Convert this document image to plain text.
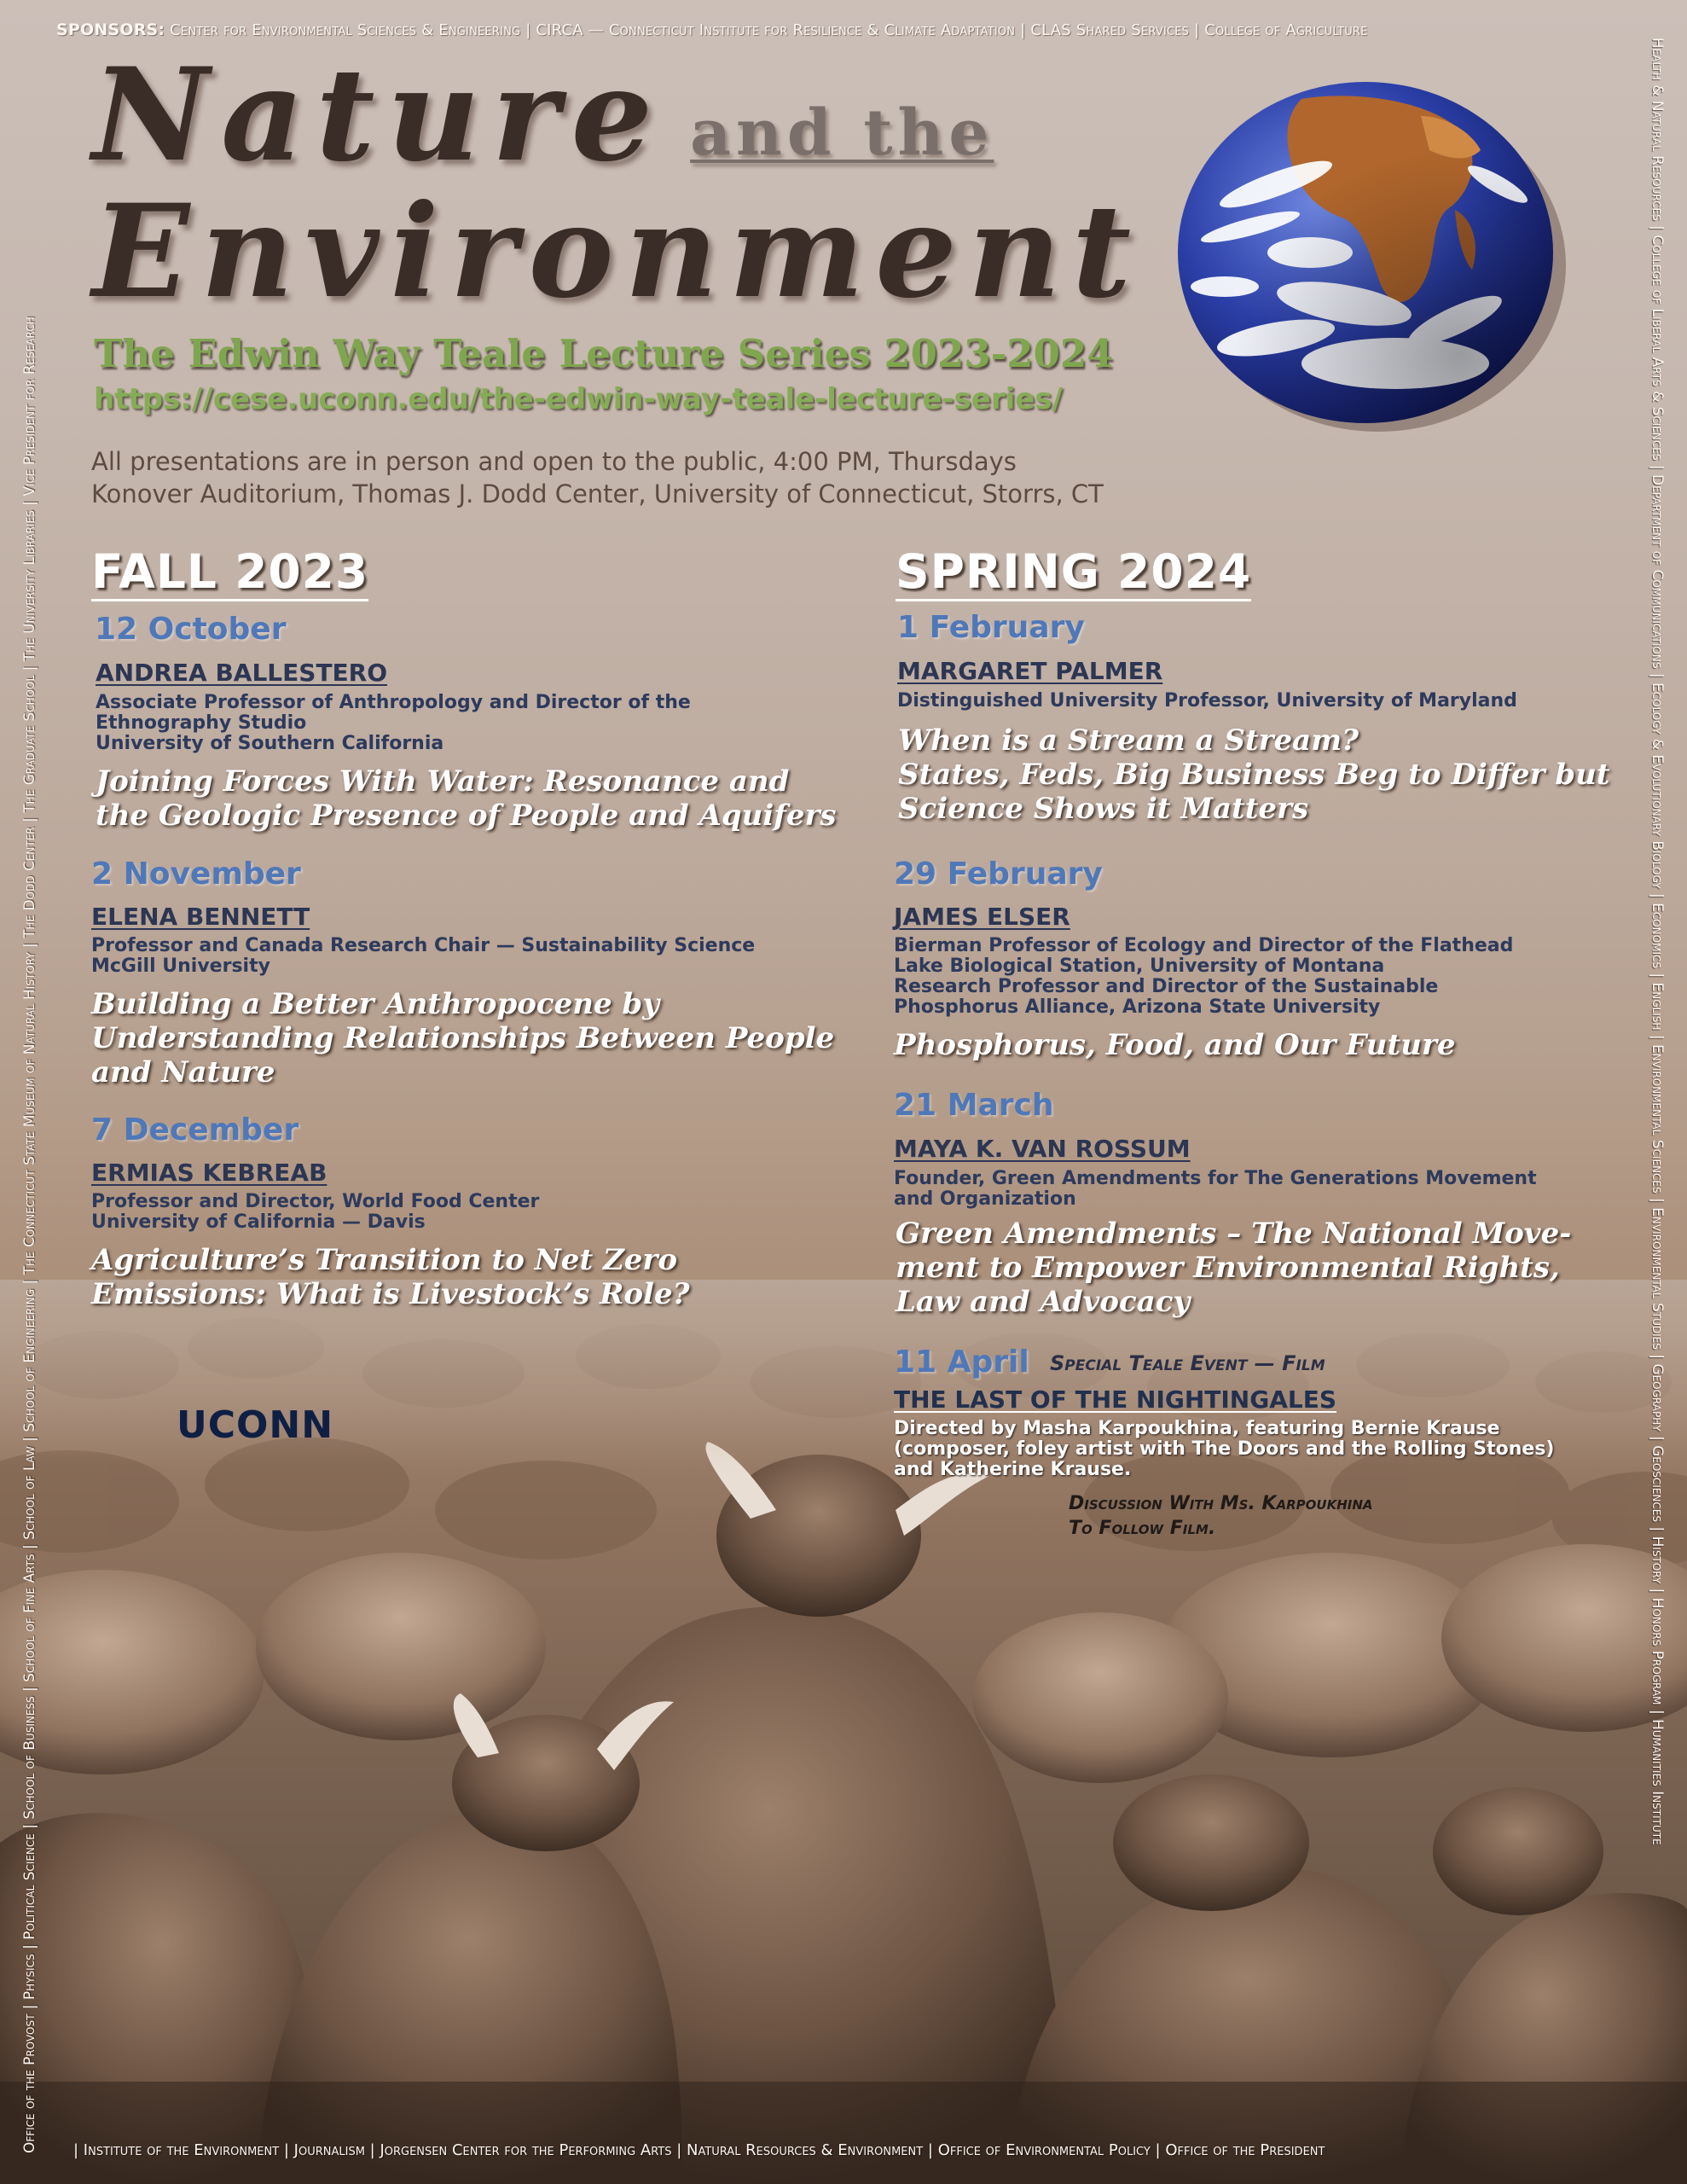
SPONSORS: Center for Environmental Sciences & Engineering | CIRCA — Connecticut Institute for Resilience & Climate Adaptation | CLAS Shared Services | College of Agriculture
Health & Natural Resources | College of Liberal Arts & Sciences | Department of Communications | Ecology & Evolutionary Biology | Economics | English | Environmental Sciences | Environmental Studies | Geography | Geosciences | History | Honors Program | Humanities Institute
| Institute of the Environment | Journalism | Jorgensen Center for the Performing Arts | Natural Resources & Environment | Office of Environmental Policy | Office of the President
Office of the Provost | Physics | Political Science | School of Business | School of Fine Arts | School of Law | School of Engineering | The Connecticut State Museum of Natural History | The Dodd Center | The Graduate School | The University Libraries | Vice President for Research
Nature and the
Environment
The Edwin Way Teale Lecture Series 2023-2024
https://cese.uconn.edu/the-edwin-way-teale-lecture-series/
All presentations are in person and open to the public, 4:00 PM, Thursdays
Konover Auditorium, Thomas J. Dodd Center, University of Connecticut, Storrs, CT
FALL 2023
12 October
ANDREA BALLESTERO
Associate Professor of Anthropology and Director of the
Ethnography Studio
University of Southern California
Joining Forces With Water: Resonance and
the Geologic Presence of People and Aquifers
2 November
ELENA BENNETT
Professor and Canada Research Chair — Sustainability Science
McGill University
Building a Better Anthropocene by
Understanding Relationships Between People
and Nature
7 December
ERMIAS KEBREAB
Professor and Director, World Food Center
University of California — Davis
Agriculture’s Transition to Net Zero
Emissions: What is Livestock’s Role?
UCONN
SPRING 2024
1 February
MARGARET PALMER
Distinguished University Professor, University of Maryland
When is a Stream a Stream?
States, Feds, Big Business Beg to Differ but
Science Shows it Matters
29 February
JAMES ELSER
Bierman Professor of Ecology and Director of the Flathead
Lake Biological Station, University of Montana
Research Professor and Director of the Sustainable
Phosphorus Alliance, Arizona State University
Phosphorus, Food, and Our Future
21 March
MAYA K. VAN ROSSUM
Founder, Green Amendments for The Generations Movement
and Organization
Green Amendments – The National Move-
ment to Empower Environmental Rights,
Law and Advocacy
11 April Special Teale Event — Film
THE LAST OF THE NIGHTINGALES
Directed by Masha Karpoukhina, featuring Bernie Krause
(composer, foley artist with The Doors and the Rolling Stones)
and Katherine Krause.
Discussion With Ms. Karpoukhina
To Follow Film.
